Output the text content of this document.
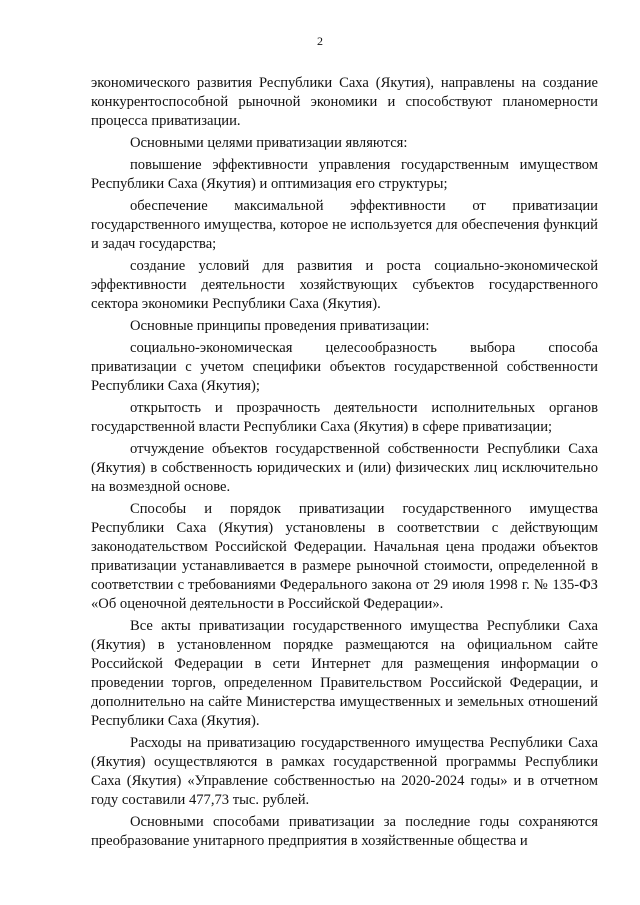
2

экономического развития Республики Саха (Якутия), направлены на создание конкурентоспособной рыночной экономики и способствуют планомерности процесса приватизации.

Основными целями приватизации являются:

повышение эффективности управления государственным имуществом Республики Саха (Якутия) и оптимизация его структуры;

обеспечение максимальной эффективности от приватизации государственного имущества, которое не используется для обеспечения функций и задач государства;

создание условий для развития и роста социально-экономической эффективности деятельности хозяйствующих субъектов государственного сектора экономики Республики Саха (Якутия).

Основные принципы проведения приватизации:

социально-экономическая целесообразность выбора способа приватизации с учетом специфики объектов государственной собственности Республики Саха (Якутия);

открытость и прозрачность деятельности исполнительных органов государственной власти Республики Саха (Якутия) в сфере приватизации;

отчуждение объектов государственной собственности Республики Саха (Якутия) в собственность юридических и (или) физических лиц исключительно на возмездной основе.

Способы и порядок приватизации государственного имущества Республики Саха (Якутия) установлены в соответствии с действующим законодательством Российской Федерации. Начальная цена продажи объектов приватизации устанавливается в размере рыночной стоимости, определенной в соответствии с требованиями Федерального закона от 29 июля 1998 г. № 135-ФЗ «Об оценочной деятельности в Российской Федерации».

Все акты приватизации государственного имущества Республики Саха (Якутия) в установленном порядке размещаются на официальном сайте Российской Федерации в сети Интернет для размещения информации о проведении торгов, определенном Правительством Российской Федерации, и дополнительно на сайте Министерства имущественных и земельных отношений Республики Саха (Якутия).

Расходы на приватизацию государственного имущества Республики Саха (Якутия) осуществляются в рамках государственной программы Республики Саха (Якутия) «Управление собственностью на 2020-2024 годы» и в отчетном году составили 477,73 тыс. рублей.

Основными способами приватизации за последние годы сохраняются преобразование унитарного предприятия в хозяйственные общества и
